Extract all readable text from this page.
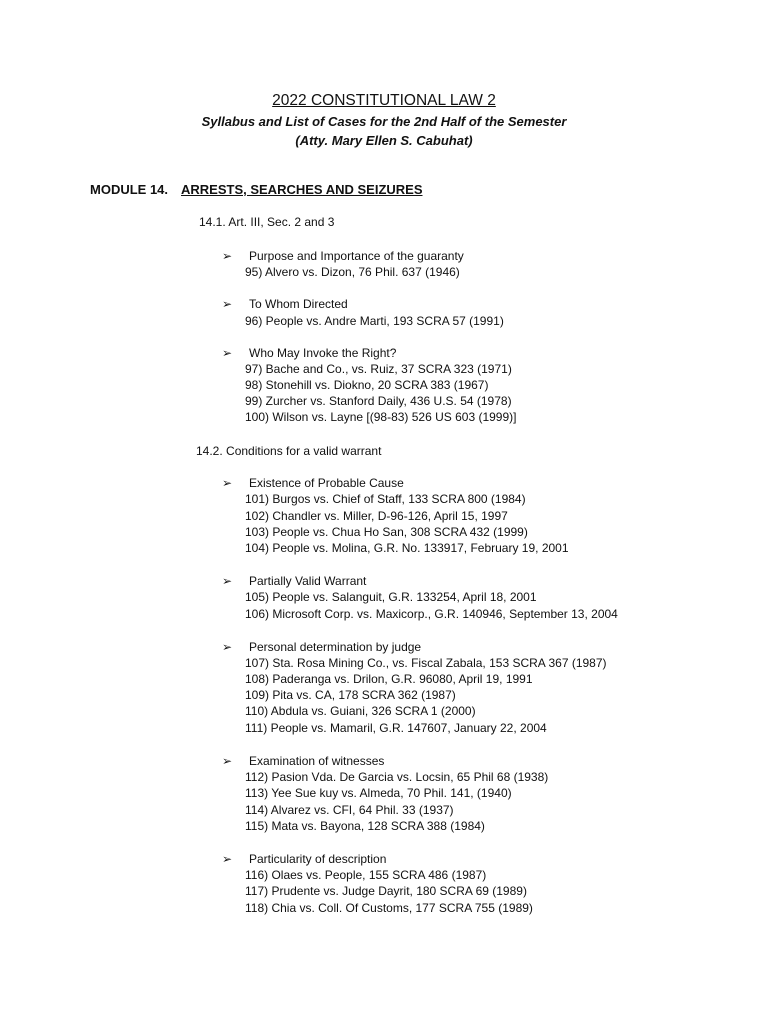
2022 CONSTITUTIONAL LAW 2
Syllabus and List of Cases for the 2nd Half of the Semester
(Atty. Mary Ellen S. Cabuhat)
MODULE 14. ARRESTS, SEARCHES AND SEIZURES
14.1. Art. III, Sec. 2 and 3
➢ Purpose and Importance of the guaranty
95) Alvero vs. Dizon, 76 Phil. 637 (1946)
➢ To Whom Directed
96) People vs. Andre Marti, 193 SCRA 57 (1991)
➢ Who May Invoke the Right?
97) Bache and Co., vs. Ruiz, 37 SCRA 323 (1971)
98) Stonehill vs. Diokno, 20 SCRA 383 (1967)
99) Zurcher vs. Stanford Daily, 436 U.S. 54 (1978)
100) Wilson vs. Layne [(98-83) 526 US 603 (1999)]
14.2. Conditions for a valid warrant
➢ Existence of Probable Cause
101) Burgos vs. Chief of Staff, 133 SCRA 800 (1984)
102) Chandler vs. Miller, D-96-126, April 15, 1997
103) People vs. Chua Ho San, 308 SCRA 432 (1999)
104) People vs. Molina, G.R. No. 133917, February 19, 2001
➢ Partially Valid Warrant
105) People vs. Salanguit, G.R. 133254, April 18, 2001
106) Microsoft Corp. vs. Maxicorp., G.R. 140946, September 13, 2004
➢ Personal determination by judge
107) Sta. Rosa Mining Co., vs. Fiscal Zabala, 153 SCRA 367 (1987)
108) Paderanga vs. Drilon, G.R. 96080, April 19, 1991
109) Pita vs. CA, 178 SCRA 362 (1987)
110) Abdula vs. Guiani, 326 SCRA 1 (2000)
111) People vs. Mamaril, G.R. 147607, January 22, 2004
➢ Examination of witnesses
112) Pasion Vda. De Garcia vs. Locsin, 65 Phil 68 (1938)
113) Yee Sue kuy vs. Almeda, 70 Phil. 141, (1940)
114) Alvarez vs. CFI, 64 Phil. 33 (1937)
115) Mata vs. Bayona, 128 SCRA 388 (1984)
➢ Particularity of description
116) Olaes vs. People, 155 SCRA 486 (1987)
117) Prudente vs. Judge Dayrit, 180 SCRA 69 (1989)
118) Chia vs. Coll. Of Customs, 177 SCRA 755 (1989)
